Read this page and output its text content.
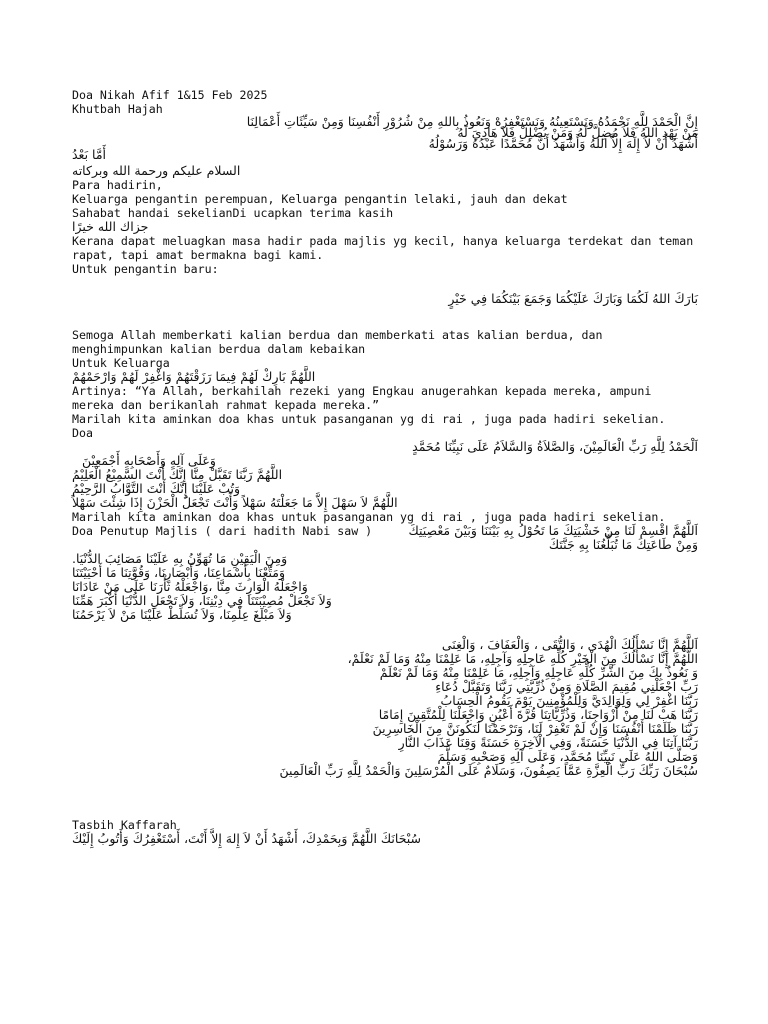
Doa Nikah Afif 1&15 Feb 2025

Khutbah Hajah

إِنَّ الْحَمْدَ لِلَّهِ نَحْمَدُهُ وَنَسْتَعِينُهُ وَنَسْتَغْفِرُهْ وَنَعُوذُ بِاللهِ مِنْ شُرُوْرِ أَنْفُسِنَا وَمِنْ سَيِّئَاتِ أَعْمَالِنَا

مَنْ يَهْدِ اللهُ فَلاَ مُضِلَّ لَهُ وَمَنْ يُضْلِلْ فَلاَ هَادِيَ لَهُ

أَشْهَدُ أَنْ لاَ إِلَهَ إِلاَّ اللهُ وَأَشْهَدُ أَنَّ مُحَمَّدًا عَبْدُهُ وَرَسُوْلُهُ

أَمَّا بَعْدُ

السلام عليكم ورحمة الله وبركاته

Para hadirin,

Keluarga pengantin perempuan, Keluarga pengantin lelaki, jauh dan dekat

Sahabat handai sekelianDi ucapkan terima kasih

جزاك الله خيرًا

Kerana dapat meluagkan masa hadir pada majlis yg kecil, hanya keluarga terdekat dan teman rapat, tapi amat bermakna bagi kami.

Untuk pengantin baru:

بَارَكَ اللهُ لَكُمَا وَبَارَكَ عَلَيْكُمَا وَجَمَعَ بَيْنَكُمَا فِي خَيْرٍ

Semoga Allah memberkati kalian berdua dan memberkati atas kalian berdua, dan menghimpunkan kalian berdua dalam kebaikan

Untuk Keluarga

اللَّهُمَّ بَارِكْ لَهُمْ فِيمَا رَزَقْتَهُمْ وَاغْفِرْ لَهُمْ وَارْحَمْهُمْ

Artinya: “Ya Allah, berkahilah rezeki yang Engkau anugerahkan kepada mereka, ampuni mereka dan berikanlah rahmat kepada mereka.”

Marilah kita aminkan doa khas untuk pasanganan yg di rai , juga pada hadiri sekelian.

Doa

اَلْحَمْدُ لِلَّهِ رَبِّ الْعَالَمِيْنَ، وَالصَّلاَةُ وَالسَّلاَمُ عَلَى نَبِيِّنَا مُحَمَّدٍ

وَعَلَى آلِهِ وَأَصْحَابِهِ أَجْمَعِيْنَ

اللَّهُمَّ رَبَّنَا تَقَبَّلْ مِنَّا إِنَّكَ أَنْتَ السَّمِيْعُ الْعَلِيْمُ

وَتُبْ عَلَيْنَا إِنَّكَ أَنْتَ التَّوَّابُ الرَّحِيْمُ

اللَّهُمَّ لاَ سَهْلَ إِلاَّ مَا جَعَلْتَهُ سَهْلاً وَأَنْتَ تَجْعَلُ الْحَزْنَ إِذَا شِئْتَ سَهْلاً

Marilah kita aminkan doa khas untuk pasanganan yg di rai , juga pada hadiri sekelian.

Doa Penutup Majlis ( dari hadith Nabi saw )	اَللَّهُمَّ اقْسِمْ لَنَا مِنْ خَشْيَتِكَ مَا تَحُوْلُ بِهِ بَيْنَنَا وَبَيْنَ مَعْصِيَتِكَ

وَمِنْ طَاعَتِكَ مَا تُبَلِّغُنَا بِهِ جَنَّتَكَ

وَمِنَ الْيَقِيْنِ مَا تُهَوِّنُ بِهِ عَلَيْنَا مَصَائِبَ الدُّنْيَا.

وَمَتِّعْنَا بِأَسْمَاعِنَا، وَأَبْصَارِنَا، وَقُوَّتِنَا مَا أَحْيَيْتَنَا

وَاجْعَلْهُ الْوَارِثَ مِنَّا ،وَاجْعَلْهُ ثَأْرَنَا عَلَى مَنْ عَادَانَا

وَلاَ تَجْعَلْ مُصِيْبَتَنَا فِي دِيْنِنَا، وَلاَ تَجْعَلِ الدُّنْيَا أَكْبَرَ هَمِّنَا

وَلاَ مَبْلَغَ عِلْمِنَا، وَلاَ تُسَلِّطْ عَلَيْنَا مَنْ لاَ يَرْحَمُنَا

اَللَّهُمَّ إِنَّا نَسْأَلُكَ الْهُدَى ، وَالتُّقَى ، وَالْعَفَافَ ، وَالْغِنَى

اللَّهُمَّ إِنَّا نَسْأَلُكَ مِنَ الْخَيْرِ كُلِّهِ عَاجِلِهِ وَآجِلِهِ، مَا عَلِمْنَا مِنْهُ وَمَا لَمْ نَعْلَمْ،

وَ نَعُوذُ بِكَ مِنَ الشَّرِّ كُلِّهِ عَاجِلِهِ وَآجِلِهِ، مَا عَلِمْنَا مِنْهُ وَمَا لَمْ نَعْلَمْ

رَبِّ اجْعَلْنِي مُقِيمَ الصَّلَاةِ وَمِنْ ذُرِّيَّتِي رَبَّنَا وَتَقَبَّلْ دُعَاءِ

رَبَّنَا اغْفِرْ لِي وَلِوَالِدَيَّ وَلِلْمُؤْمِنِينَ يَوْمَ يَقُومُ الْحِسَابُ

رَبَّنَا هَبْ لَنَا مِنْ أَزْوَاجِنَا، وَذُرِّيَّاتِنَا قُرَّةَ أَعْيُنٍ وَاجْعَلْنَا لِلْمُتَّقِينَ إِمَامًا

رَبَّنَا ظَلَمْنَا أَنْفُسَنَا وَإِنْ لَمْ تَغْفِرْ لَنَا، وَتَرْحَمْنَا لَنَكُونَنَّ مِنَ الْخَاسِرِينَ

رَبَّنَا آتِنَا فِي الدُّنْيَا حَسَنَةً، وَفِي الْآخِرَةِ حَسَنَةً وَقِنَا عَذَابَ النَّارِ

وَصَلَّى اللهُ عَلَى نَبِيِّنَا مُحَمَّدٍ، وَعَلَى آلِهِ وَصَحْبِهِ وَسَلَّمَ

سُبْحَانَ رَبِّكَ رَبِّ الْعِزَّةِ عَمَّا يَصِفُونَ، وَسَلَامٌ عَلَى الْمُرْسَلِينَ وَالْحَمْدُ لِلَّهِ رَبِّ الْعَالَمِينَ

Tasbih Kaffarah

سُبْحَانَكَ اللَّهُمَّ وَبِحَمْدِكَ، أَشْهَدُ أَنْ لاَ إِلهَ إِلاَّ أَنْتَ، أَسْتَغْفِرُكَ وَأَتُوبُ إِلَيْكَ
